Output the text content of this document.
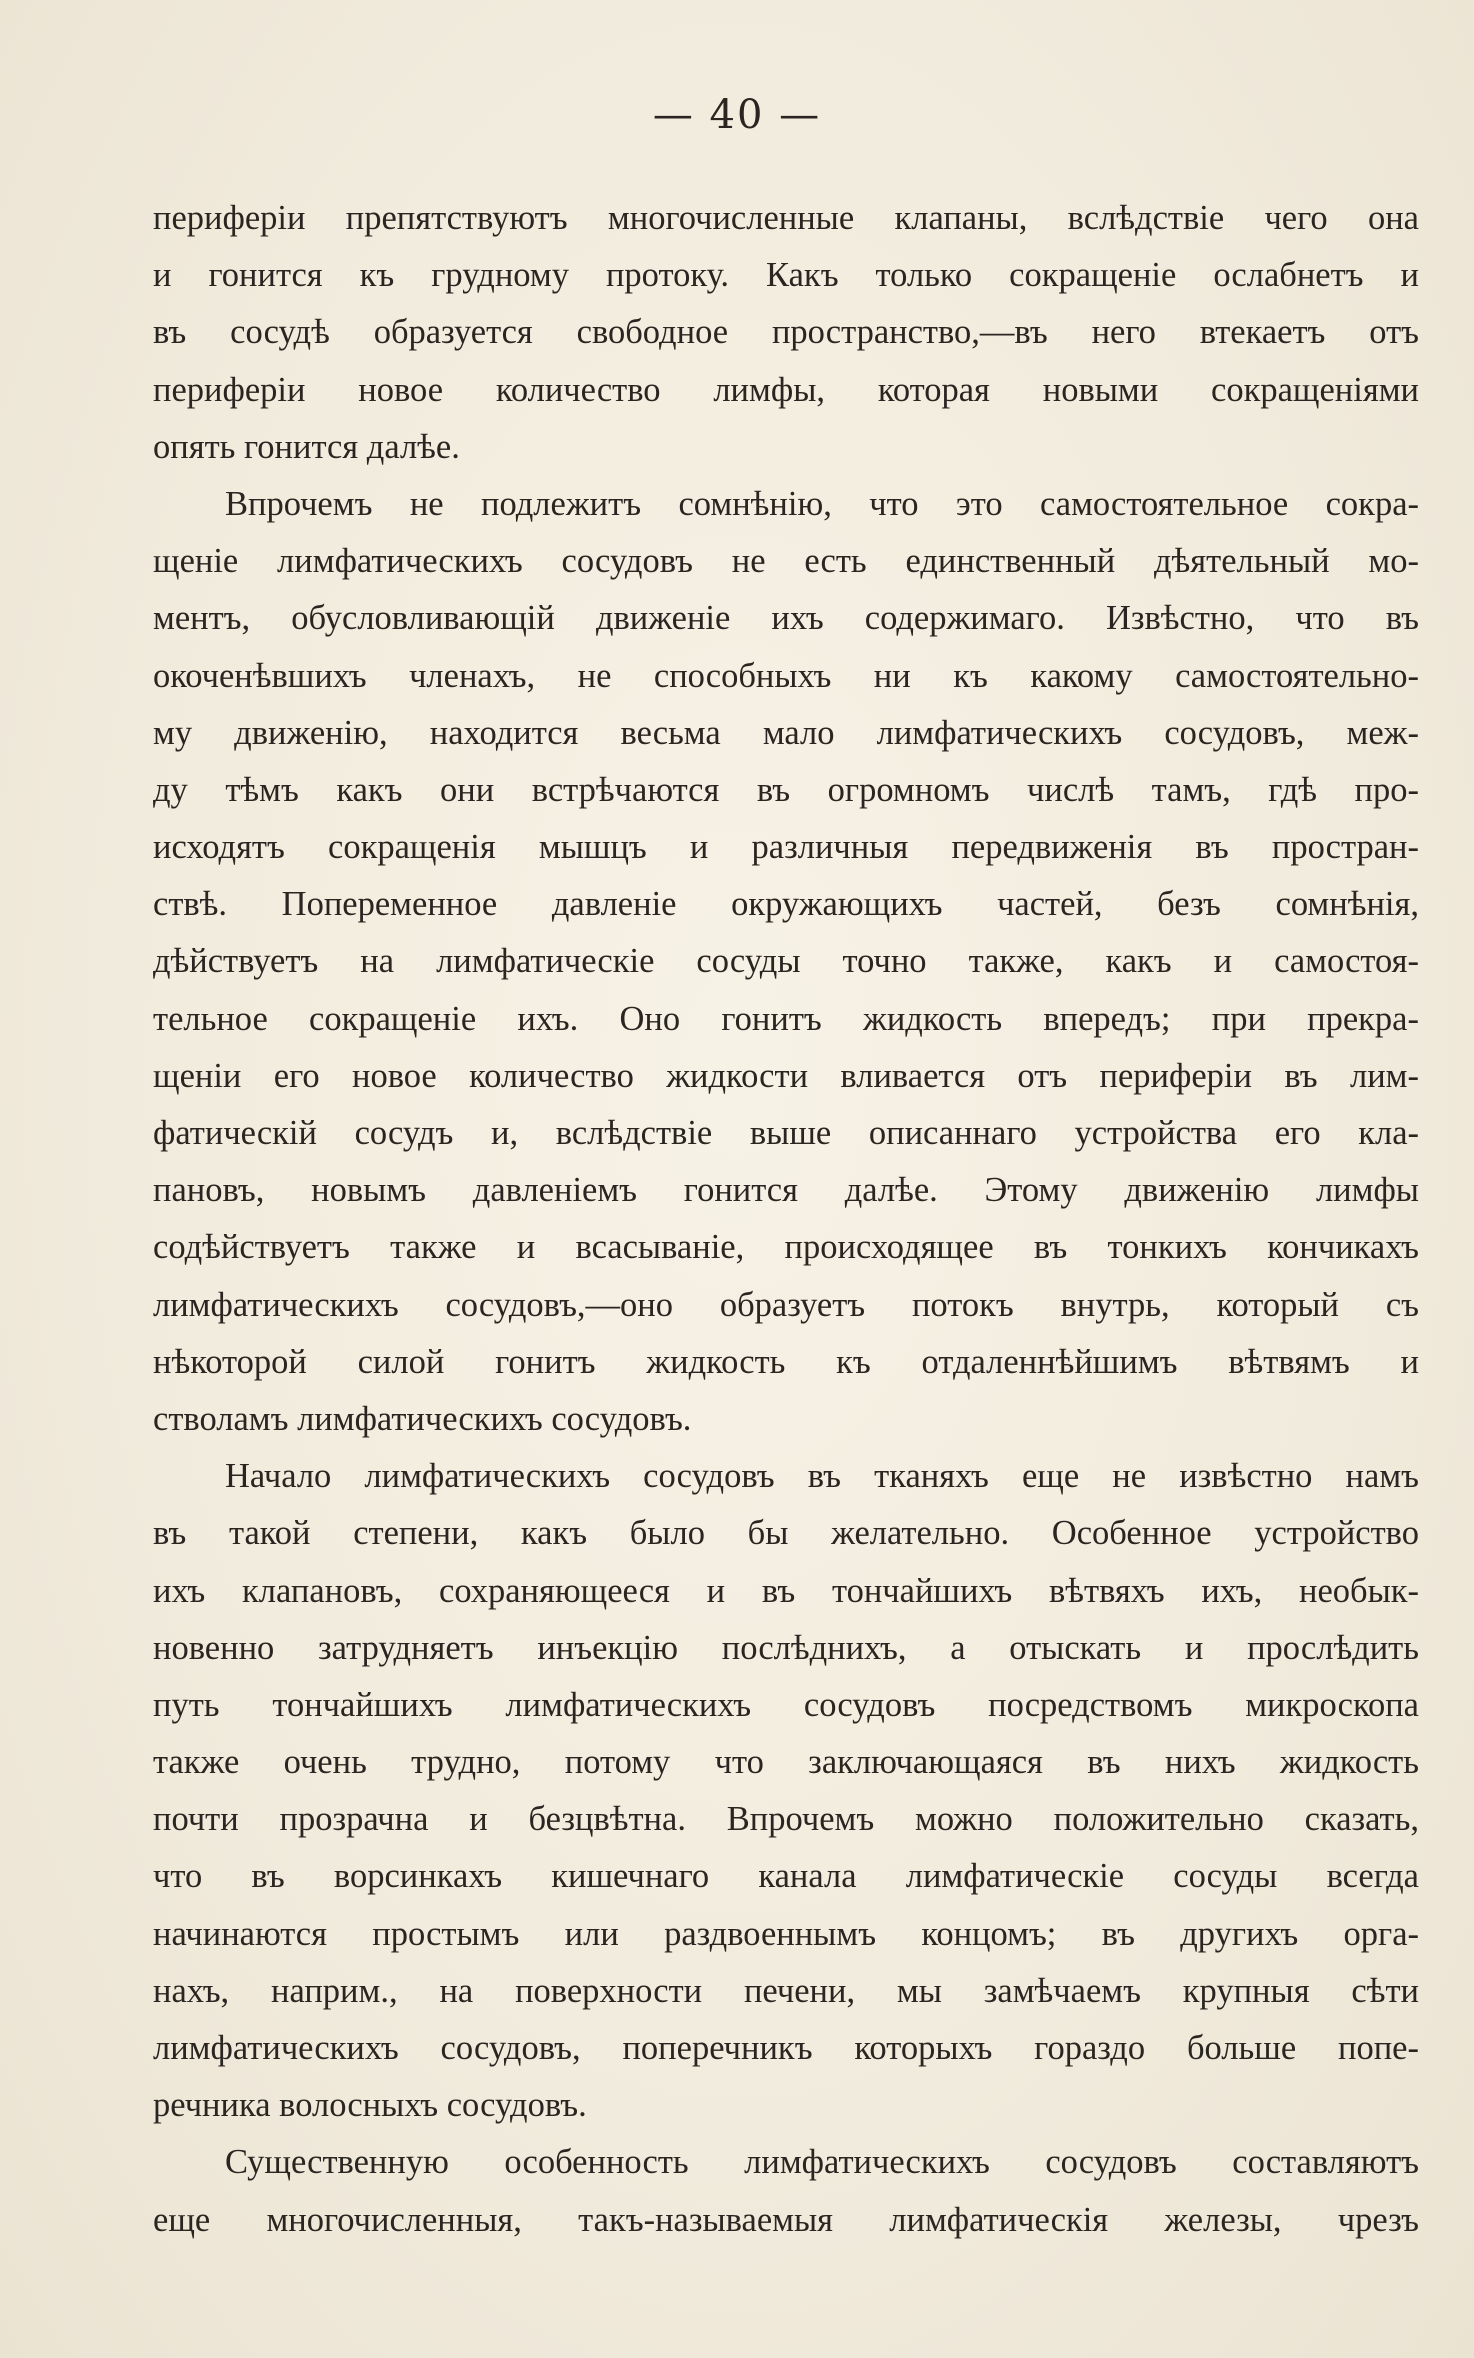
— 40 —
периферіи препятствуютъ многочисленные клапаны, вслѣдствіе чего она
и гонится къ грудному протоку. Какъ только сокращеніе ослабнетъ и
въ сосудѣ образуется свободное пространство,—въ него втекаетъ отъ
периферіи новое количество лимфы, которая новыми сокращеніями
опять гонится далѣе.
Впрочемъ не подлежитъ сомнѣнію, что это самостоятельное сокра-
щеніе лимфатическихъ сосудовъ не есть единственный дѣятельный мо-
ментъ, обусловливающій движеніе ихъ содержимаго. Извѣстно, что въ
окоченѣвшихъ членахъ, не способныхъ ни къ какому самостоятельно-
му движенію, находится весьма мало лимфатическихъ сосудовъ, меж-
ду тѣмъ какъ они встрѣчаются въ огромномъ числѣ тамъ, гдѣ про-
исходятъ сокращенія мышцъ и различныя передвиженія въ простран-
ствѣ. Попеременное давленіе окружающихъ частей, безъ сомнѣнія,
дѣйствуетъ на лимфатическіе сосуды точно также, какъ и самостоя-
тельное сокращеніе ихъ. Оно гонитъ жидкость впередъ; при прекра-
щеніи его новое количество жидкости вливается отъ периферіи въ лим-
фатическій сосудъ и, вслѣдствіе выше описаннаго устройства его кла-
пановъ, новымъ давленіемъ гонится далѣе. Этому движенію лимфы
содѣйствуетъ также и всасываніе, происходящее въ тонкихъ кончикахъ
лимфатическихъ сосудовъ,—оно образуетъ потокъ внутрь, который съ
нѣкоторой силой гонитъ жидкость къ отдаленнѣйшимъ вѣтвямъ и
стволамъ лимфатическихъ сосудовъ.
Начало лимфатическихъ сосудовъ въ тканяхъ еще не извѣстно намъ
въ такой степени, какъ было бы желательно. Особенное устройство
ихъ клапановъ, сохраняющееся и въ тончайшихъ вѣтвяхъ ихъ, необык-
новенно затрудняетъ инъекцію послѣднихъ, а отыскать и прослѣдить
путь тончайшихъ лимфатическихъ сосудовъ посредствомъ микроскопа
также очень трудно, потому что заключающаяся въ нихъ жидкость
почти прозрачна и безцвѣтна. Впрочемъ можно положительно сказать,
что въ ворсинкахъ кишечнаго канала лимфатическіе сосуды всегда
начинаются простымъ или раздвоеннымъ концомъ; въ другихъ орга-
нахъ, наприм., на поверхности печени, мы замѣчаемъ крупныя сѣти
лимфатическихъ сосудовъ, поперечникъ которыхъ гораздо больше попе-
речника волосныхъ сосудовъ.
Существенную особенность лимфатическихъ сосудовъ составляютъ
еще многочисленныя, такъ-называемыя лимфатическія железы, чрезъ
